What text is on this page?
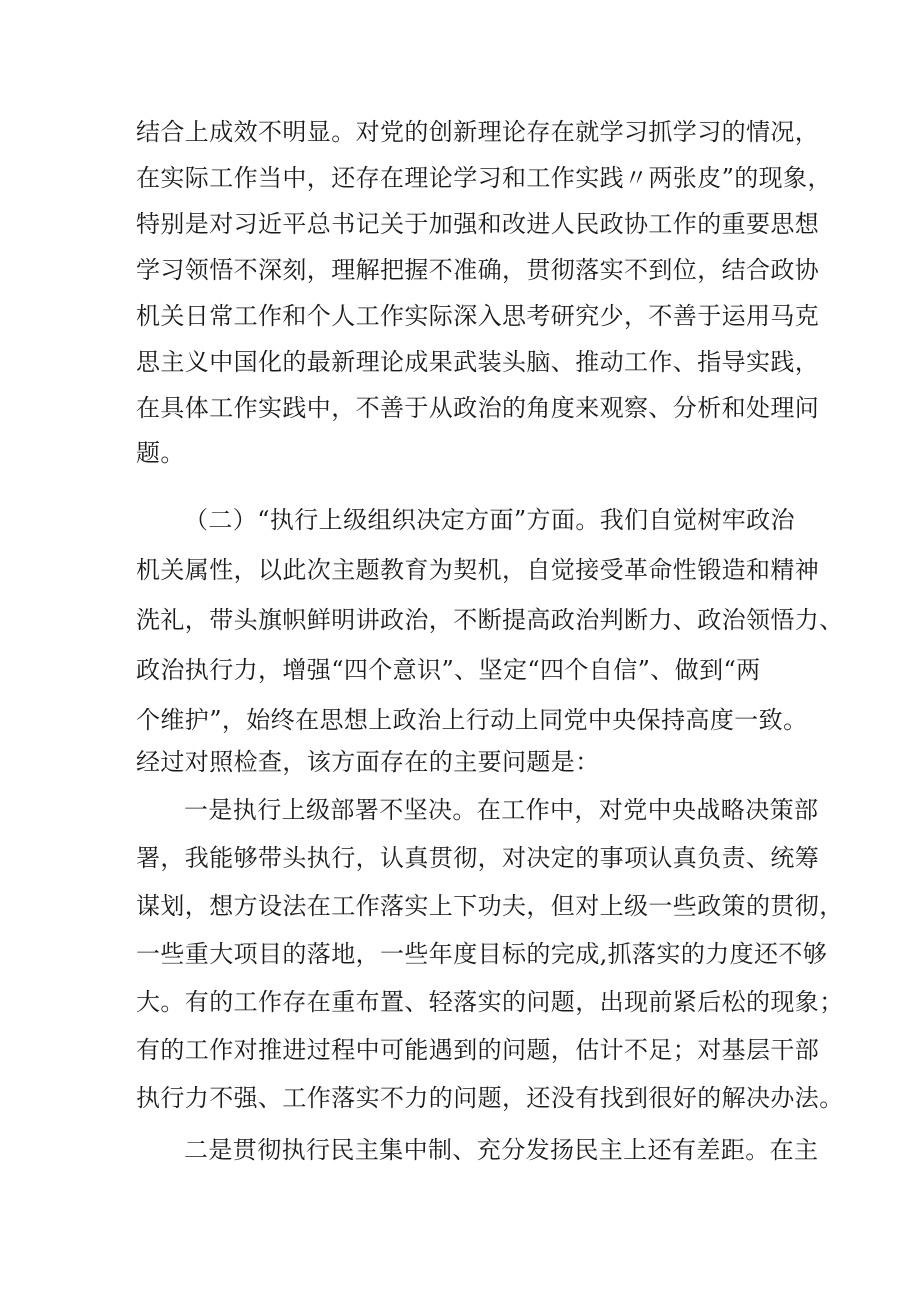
结合上成效不明显。对党的创新理论存在就学习抓学习的情况，
在实际工作当中，还存在理论学习和工作实践〃两张皮”的现象，
特别是对习近平总书记关于加强和改进人民政协工作的重要思想
学习领悟不深刻，理解把握不准确，贯彻落实不到位，结合政协
机关日常工作和个人工作实际深入思考研究少，不善于运用马克
思主义中国化的最新理论成果武装头脑、推动工作、指导实践，
在具体工作实践中，不善于从政治的角度来观察、分析和处理问
题。
（二）“执行上级组织决定方面”方面。我们自觉树牢政治
机关属性，以此次主题教育为契机，自觉接受革命性锻造和精神
洗礼，带头旗帜鲜明讲政治，不断提高政治判断力、政治领悟力、
政治执行力，增强“四个意识”、坚定“四个自信”、做到“两
个维护”，始终在思想上政治上行动上同党中央保持高度一致。
经过对照检查，该方面存在的主要问题是：
一是执行上级部署不坚决。在工作中，对党中央战略决策部
署，我能够带头执行，认真贯彻，对决定的事项认真负责、统筹
谋划，想方设法在工作落实上下功夫，但对上级一些政策的贯彻，
一些重大项目的落地，一些年度目标的完成,抓落实的力度还不够
大。有的工作存在重布置、轻落实的问题，出现前紧后松的现象；
有的工作对推进过程中可能遇到的问题，估计不足；对基层干部
执行力不强、工作落实不力的问题，还没有找到很好的解决办法。
二是贯彻执行民主集中制、充分发扬民主上还有差距。在主
